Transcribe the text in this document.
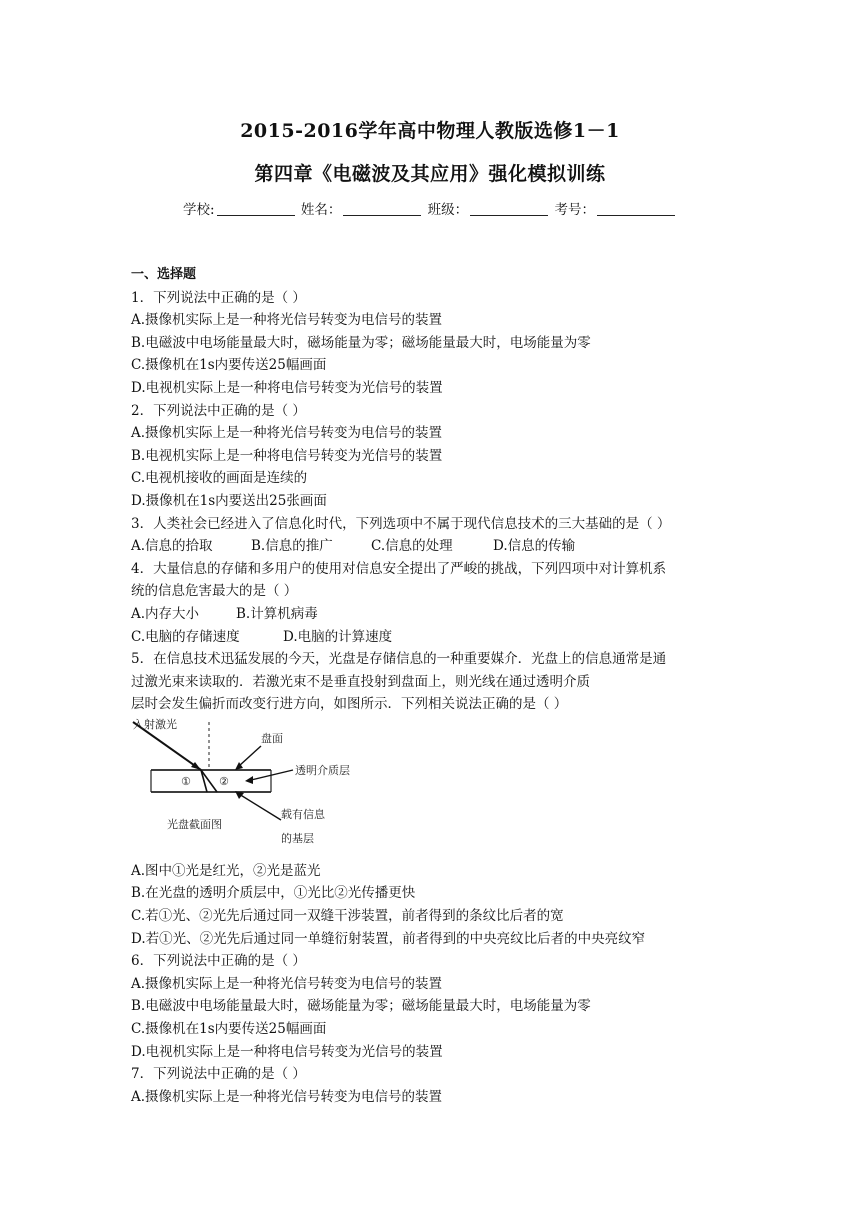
2015-2016学年高中物理人教版选修1－1
第四章《电磁波及其应用》强化模拟训练
学校:	姓名：	班级：	考号：
一、选择题
1．下列说法中正确的是（ ）
A.摄像机实际上是一种将光信号转变为电信号的装置
B.电磁波中电场能量最大时，磁场能量为零；磁场能量最大时，电场能量为零
C.摄像机在1s内要传送25幅画面
D.电视机实际上是一种将电信号转变为光信号的装置
2．下列说法中正确的是（ ）
A.摄像机实际上是一种将光信号转变为电信号的装置
B.电视机实际上是一种将电信号转变为光信号的装置
C.电视机接收的画面是连续的
D.摄像机在1s内要送出25张画面
3．人类社会已经进入了信息化时代，下列选项中不属于现代信息技术的三大基础的是（ ）
A.信息的拾取	B.信息的推广	C.信息的处理	D.信息的传输
4．大量信息的存储和多用户的使用对信息安全提出了严峻的挑战，下列四项中对计算机系
统的信息危害最大的是（ ）
A.内存大小	B.计算机病毒
C.电脑的存储速度	D.电脑的计算速度
5．在信息技术迅猛发展的今天，光盘是存储信息的一种重要媒介．光盘上的信息通常是通
过激光束来读取的．若激光束不是垂直投射到盘面上，则光线在通过透明介质
层时会发生偏折而改变行进方向，如图所示．下列相关说法正确的是（ ）
入射激光
盘面
透明介质层
①	②
光盘截面图
载有信息
的基层
A.图中①光是红光，②光是蓝光
B.在光盘的透明介质层中，①光比②光传播更快
C.若①光、②光先后通过同一双缝干涉装置，前者得到的条纹比后者的宽
D.若①光、②光先后通过同一单缝衍射装置，前者得到的中央亮纹比后者的中央亮纹窄
6．下列说法中正确的是（ ）
A.摄像机实际上是一种将光信号转变为电信号的装置
B.电磁波中电场能量最大时，磁场能量为零；磁场能量最大时，电场能量为零
C.摄像机在1s内要传送25幅画面
D.电视机实际上是一种将电信号转变为光信号的装置
7．下列说法中正确的是（ ）
A.摄像机实际上是一种将光信号转变为电信号的装置
